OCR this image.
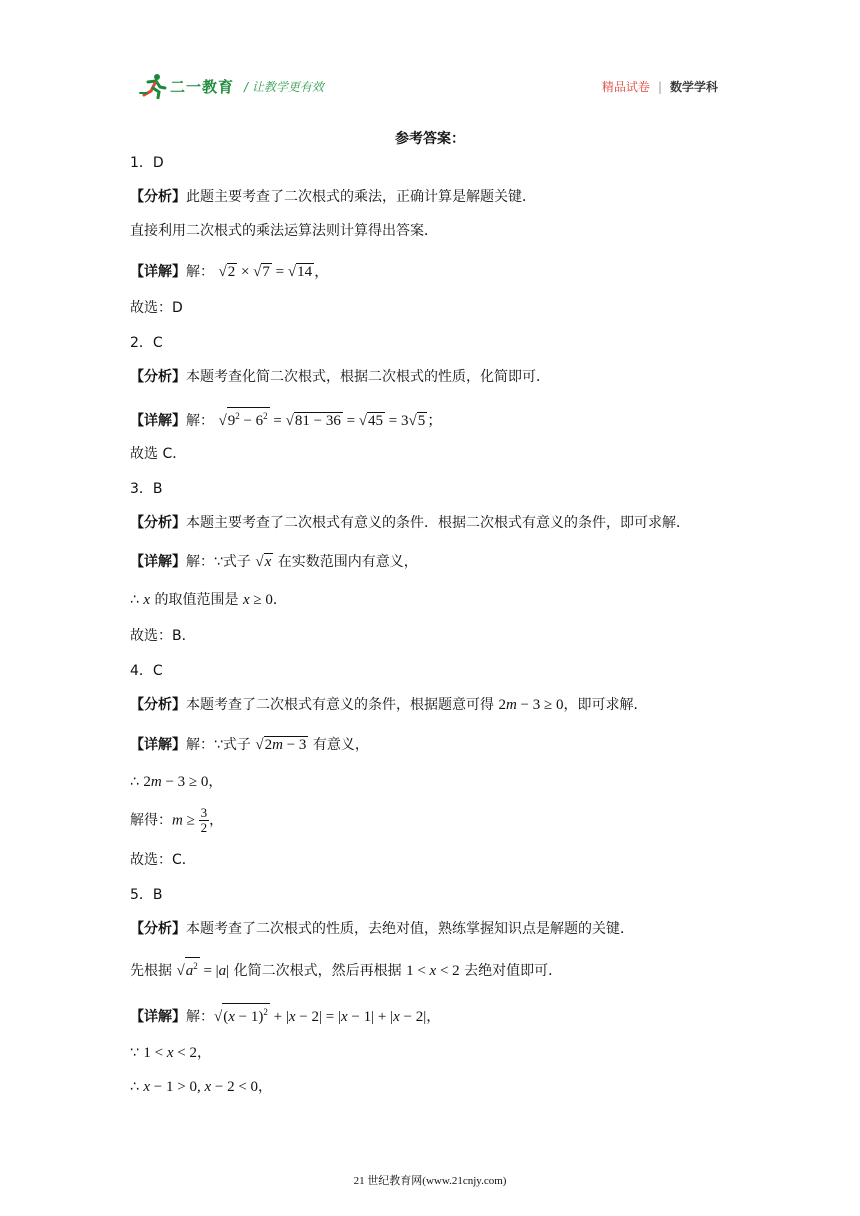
二一教育 / 让教学更有效	精品试卷 | 数学学科
参考答案：
1．D
【分析】此题主要考查了二次根式的乘法，正确计算是解题关键．
直接利用二次根式的乘法运算法则计算得出答案．
【详解】解： √2 × √7 = √14 ，
故选：D
2．C
【分析】本题考查化简二次根式，根据二次根式的性质，化简即可．
【详解】解： $√9^2 - 6^2 = √81 - 36 = √45 = 3√5$ ；
故选 C．
3．B
【分析】本题主要考查了二次根式有意义的条件．根据二次根式有意义的条件，即可求解．
【详解】解：∵式子 √x 在实数范围内有意义，
∴ x 的取值范围是 x ≥ 0．
故选：B．
4．C
【分析】本题考查了二次根式有意义的条件，根据题意可得 2m − 3 ≥ 0，即可求解．
【详解】解：∵式子 √2m − 3 有意义，
∴ 2m − 3 ≥ 0，
解得：$m \ge \frac{3}{2}$ ，
故选：C．
5．B
【分析】本题考查了二次根式的性质，去绝对值，熟练掌握知识点是解题的关键．
先根据 $√a^2 = |a|$ 化简二次根式，然后再根据 1 < x < 2 去绝对值即可．
【详解】解：$√(x - 1)^2 + |x - 2| = |x - 1| + |x - 2|$，
∵ 1 < x < 2，
∴ x − 1 > 0, x − 2 < 0，
21 世纪教育网(www.21cnjy.com)
